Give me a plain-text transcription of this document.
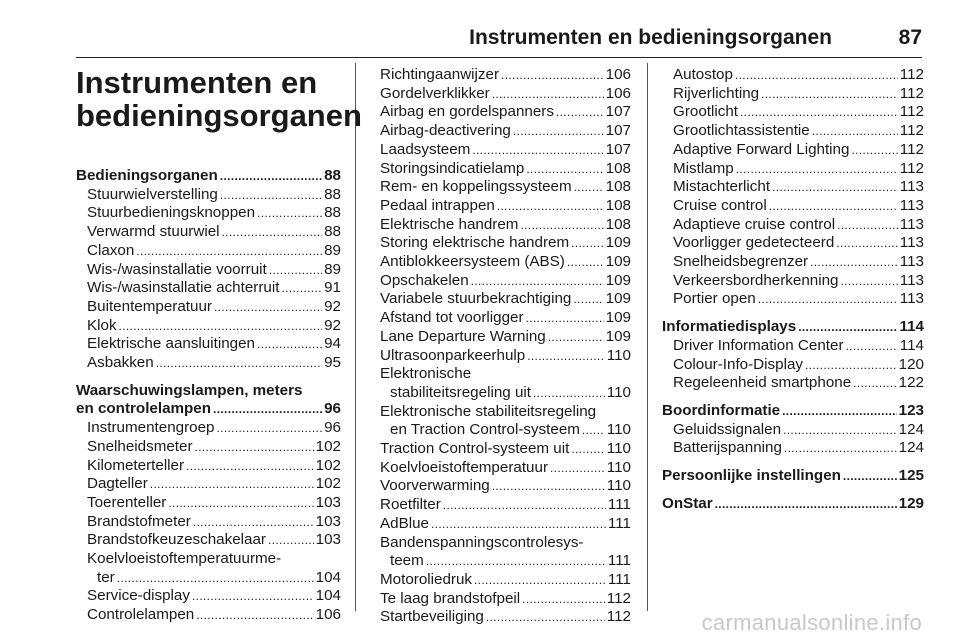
Instrumenten en bedieningsorganen	87
Instrumenten en
bedieningsorganen
Bedieningsorganen . . .	88
Stuurwielverstelling . . .	88
Stuurbedieningsknoppen . . .	88
Verwarmd stuurwiel . . .	88
Claxon . . .	89
Wis-/wasinstallatie voorruit . . .	89
Wis-/wasinstallatie achterruit . . .	91
Buitentemperatuur . . .	92
Klok . . .	92
Elektrische aansluitingen . . .	94
Asbakken . . .	95
Waarschuwingslampen, meters
en controlelampen . . .	96
Instrumentengroep . . .	96
Snelheidsmeter . . .	102
Kilometerteller . . .	102
Dagteller . . .	102
Toerenteller . . .	103
Brandstofmeter . . .	103
Brandstofkeuzeschakelaar . . .	103
Koelvloeistoftemperatuurme-
ter . . .	104
Service-display . . .	104
Controlelampen . . .	106
Richtingaanwijzer . . .	106
Gordelverklikker . . .	106
Airbag en gordelspanners . . .	107
Airbag-deactivering . . .	107
Laadsysteem . . .	107
Storingsindicatielamp . . .	108
Rem- en koppelingssysteem . . . 108
Pedaal intrappen . . .	108
Elektrische handrem . . .	108
Storing elektrische handrem . . . 109
Antiblokkeersysteem (ABS) . . .	109
Opschakelen . . .	109
Variabele stuurbekrachtiging . . . 109
Afstand tot voorligger . . .	109
Lane Departure Warning . . .	109
Ultrasoonparkeerhulp . . .	110
Elektronische
stabiliteitsregeling uit . . .	110
Elektronische stabiliteitsregeling
en Traction Control-systeem . . . 110
Traction Control-systeem uit . . . 110
Koelvloeistoftemperatuur . . .	110
Voorverwarming . . .	110
Roetfilter . . .	111
AdBlue . . .	111
Bandenspanningscontrolesys-
teem . . .	111
Motoroliedruk . . .	111
Te laag brandstofpeil . . .	112
Startbeveiliging . . .	112
Autostop . . .	112
Rijverlichting . . .	112
Grootlicht . . .	112
Grootlichtassistentie . . .	112
Adaptive Forward Lighting . . .	112
Mistlamp . . .	112
Mistachterlicht . . .	113
Cruise control . . .	113
Adaptieve cruise control . . .	113
Voorligger gedetecteerd . . .	113
Snelheidsbegrenzer . . .	113
Verkeersbordherkenning . . .	113
Portier open . . .	113
Informatiedisplays . . .	114
Driver Information Center . . .	114
Colour-Info-Display . . .	120
Regeleenheid smartphone . . .	122
Boordinformatie . . .	123
Geluidssignalen . . .	124
Batterijspanning . . .	124
Persoonlijke instellingen . . .	125
OnStar . . .	129
carmanualsonline.info
